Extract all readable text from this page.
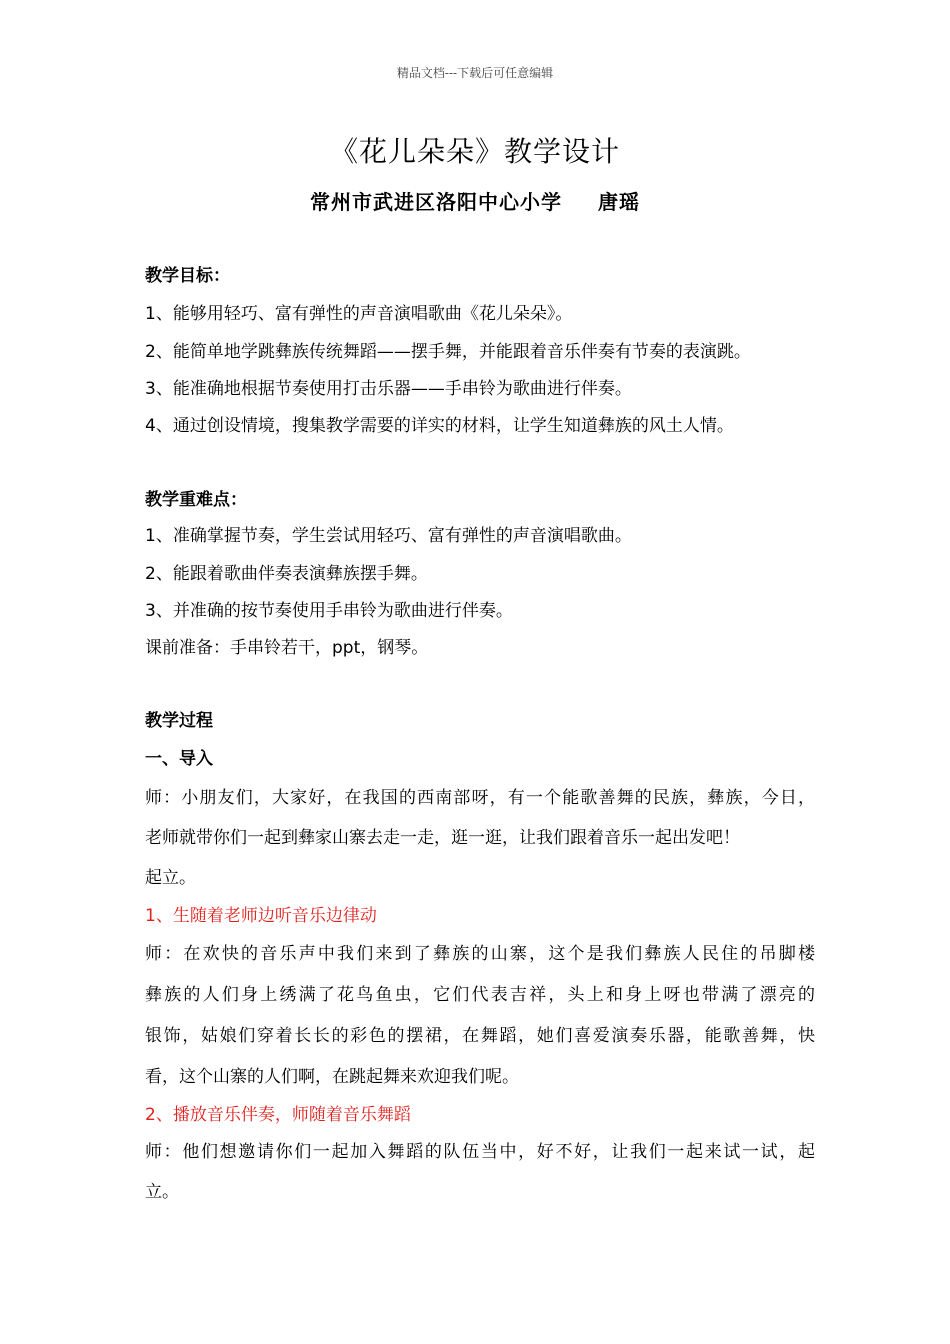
精品文档---下载后可任意编辑
《花儿朵朵》教学设计
常州市武进区洛阳中心小学 唐瑶
教学目标：
1、能够用轻巧、富有弹性的声音演唱歌曲《花儿朵朵》。
2、能简单地学跳彝族传统舞蹈——摆手舞，并能跟着音乐伴奏有节奏的表演跳。
3、能准确地根据节奏使用打击乐器——手串铃为歌曲进行伴奏。
4、通过创设情境，搜集教学需要的详实的材料，让学生知道彝族的风土人情。
教学重难点：
1、准确掌握节奏，学生尝试用轻巧、富有弹性的声音演唱歌曲。
2、能跟着歌曲伴奏表演彝族摆手舞。
3、并准确的按节奏使用手串铃为歌曲进行伴奏。
课前准备：手串铃若干，ppt，钢琴。
教学过程
一、导入
师：小朋友们，大家好，在我国的西南部呀，有一个能歌善舞的民族，彝族，今日，
老师就带你们一起到彝家山寨去走一走，逛一逛，让我们跟着音乐一起出发吧！
起立。
1、生随着老师边听音乐边律动
师：在欢快的音乐声中我们来到了彝族的山寨，这个是我们彝族人民住的吊脚楼
彝族的人们身上绣满了花鸟鱼虫，它们代表吉祥，头上和身上呀也带满了漂亮的
银饰，姑娘们穿着长长的彩色的摆裙，在舞蹈，她们喜爱演奏乐器，能歌善舞，快
看，这个山寨的人们啊，在跳起舞来欢迎我们呢。
2、播放音乐伴奏，师随着音乐舞蹈
师：他们想邀请你们一起加入舞蹈的队伍当中，好不好，让我们一起来试一试，起
立。
